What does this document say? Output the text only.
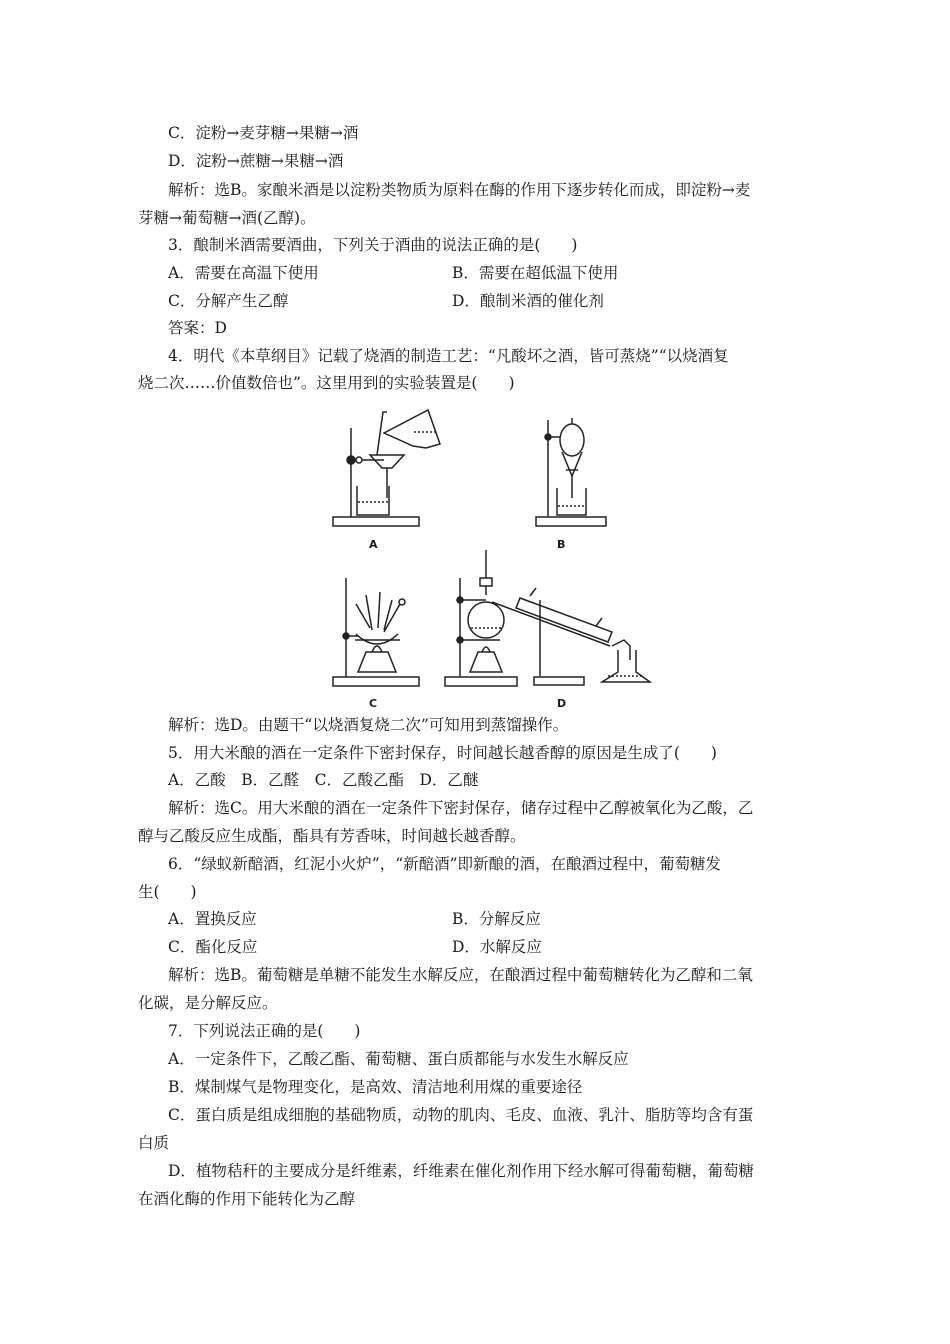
C．淀粉→麦芽糖→果糖→酒
D．淀粉→蔗糖→果糖→酒
解析：选B。家酿米酒是以淀粉类物质为原料在酶的作用下逐步转化而成，即淀粉→麦
芽糖→葡萄糖→酒(乙醇)。
3．酿制米酒需要酒曲，下列关于酒曲的说法正确的是(　　)
A．需要在高温下使用	B．需要在超低温下使用
C．分解产生乙醇	D．酿制米酒的催化剂
答案：D
4．明代《本草纲目》记载了烧酒的制造工艺：“凡酸坏之酒，皆可蒸烧”“以烧酒复
烧二次……价值数倍也”。这里用到的实验装置是(　　)
A	B
C	D
解析：选D。由题干“以烧酒复烧二次”可知用到蒸馏操作。
5．用大米酿的酒在一定条件下密封保存，时间越长越香醇的原因是生成了(　　)
A．乙酸　B．乙醛　C．乙酸乙酯　D．乙醚
解析：选C。用大米酿的酒在一定条件下密封保存，储存过程中乙醇被氧化为乙酸，乙
醇与乙酸反应生成酯，酯具有芳香味，时间越长越香醇。
6．“绿蚁新醅酒，红泥小火炉”，“新醅酒”即新酿的酒，在酿酒过程中，葡萄糖发
生(　　)
A．置换反应	B．分解反应
C．酯化反应	D．水解反应
解析：选B。葡萄糖是单糖不能发生水解反应，在酿酒过程中葡萄糖转化为乙醇和二氧
化碳，是分解反应。
7．下列说法正确的是(　　)
A．一定条件下，乙酸乙酯、葡萄糖、蛋白质都能与水发生水解反应
B．煤制煤气是物理变化，是高效、清洁地利用煤的重要途径
C．蛋白质是组成细胞的基础物质，动物的肌肉、毛皮、血液、乳汁、脂肪等均含有蛋
白质
D．植物秸秆的主要成分是纤维素，纤维素在催化剂作用下经水解可得葡萄糖，葡萄糖
在酒化酶的作用下能转化为乙醇
